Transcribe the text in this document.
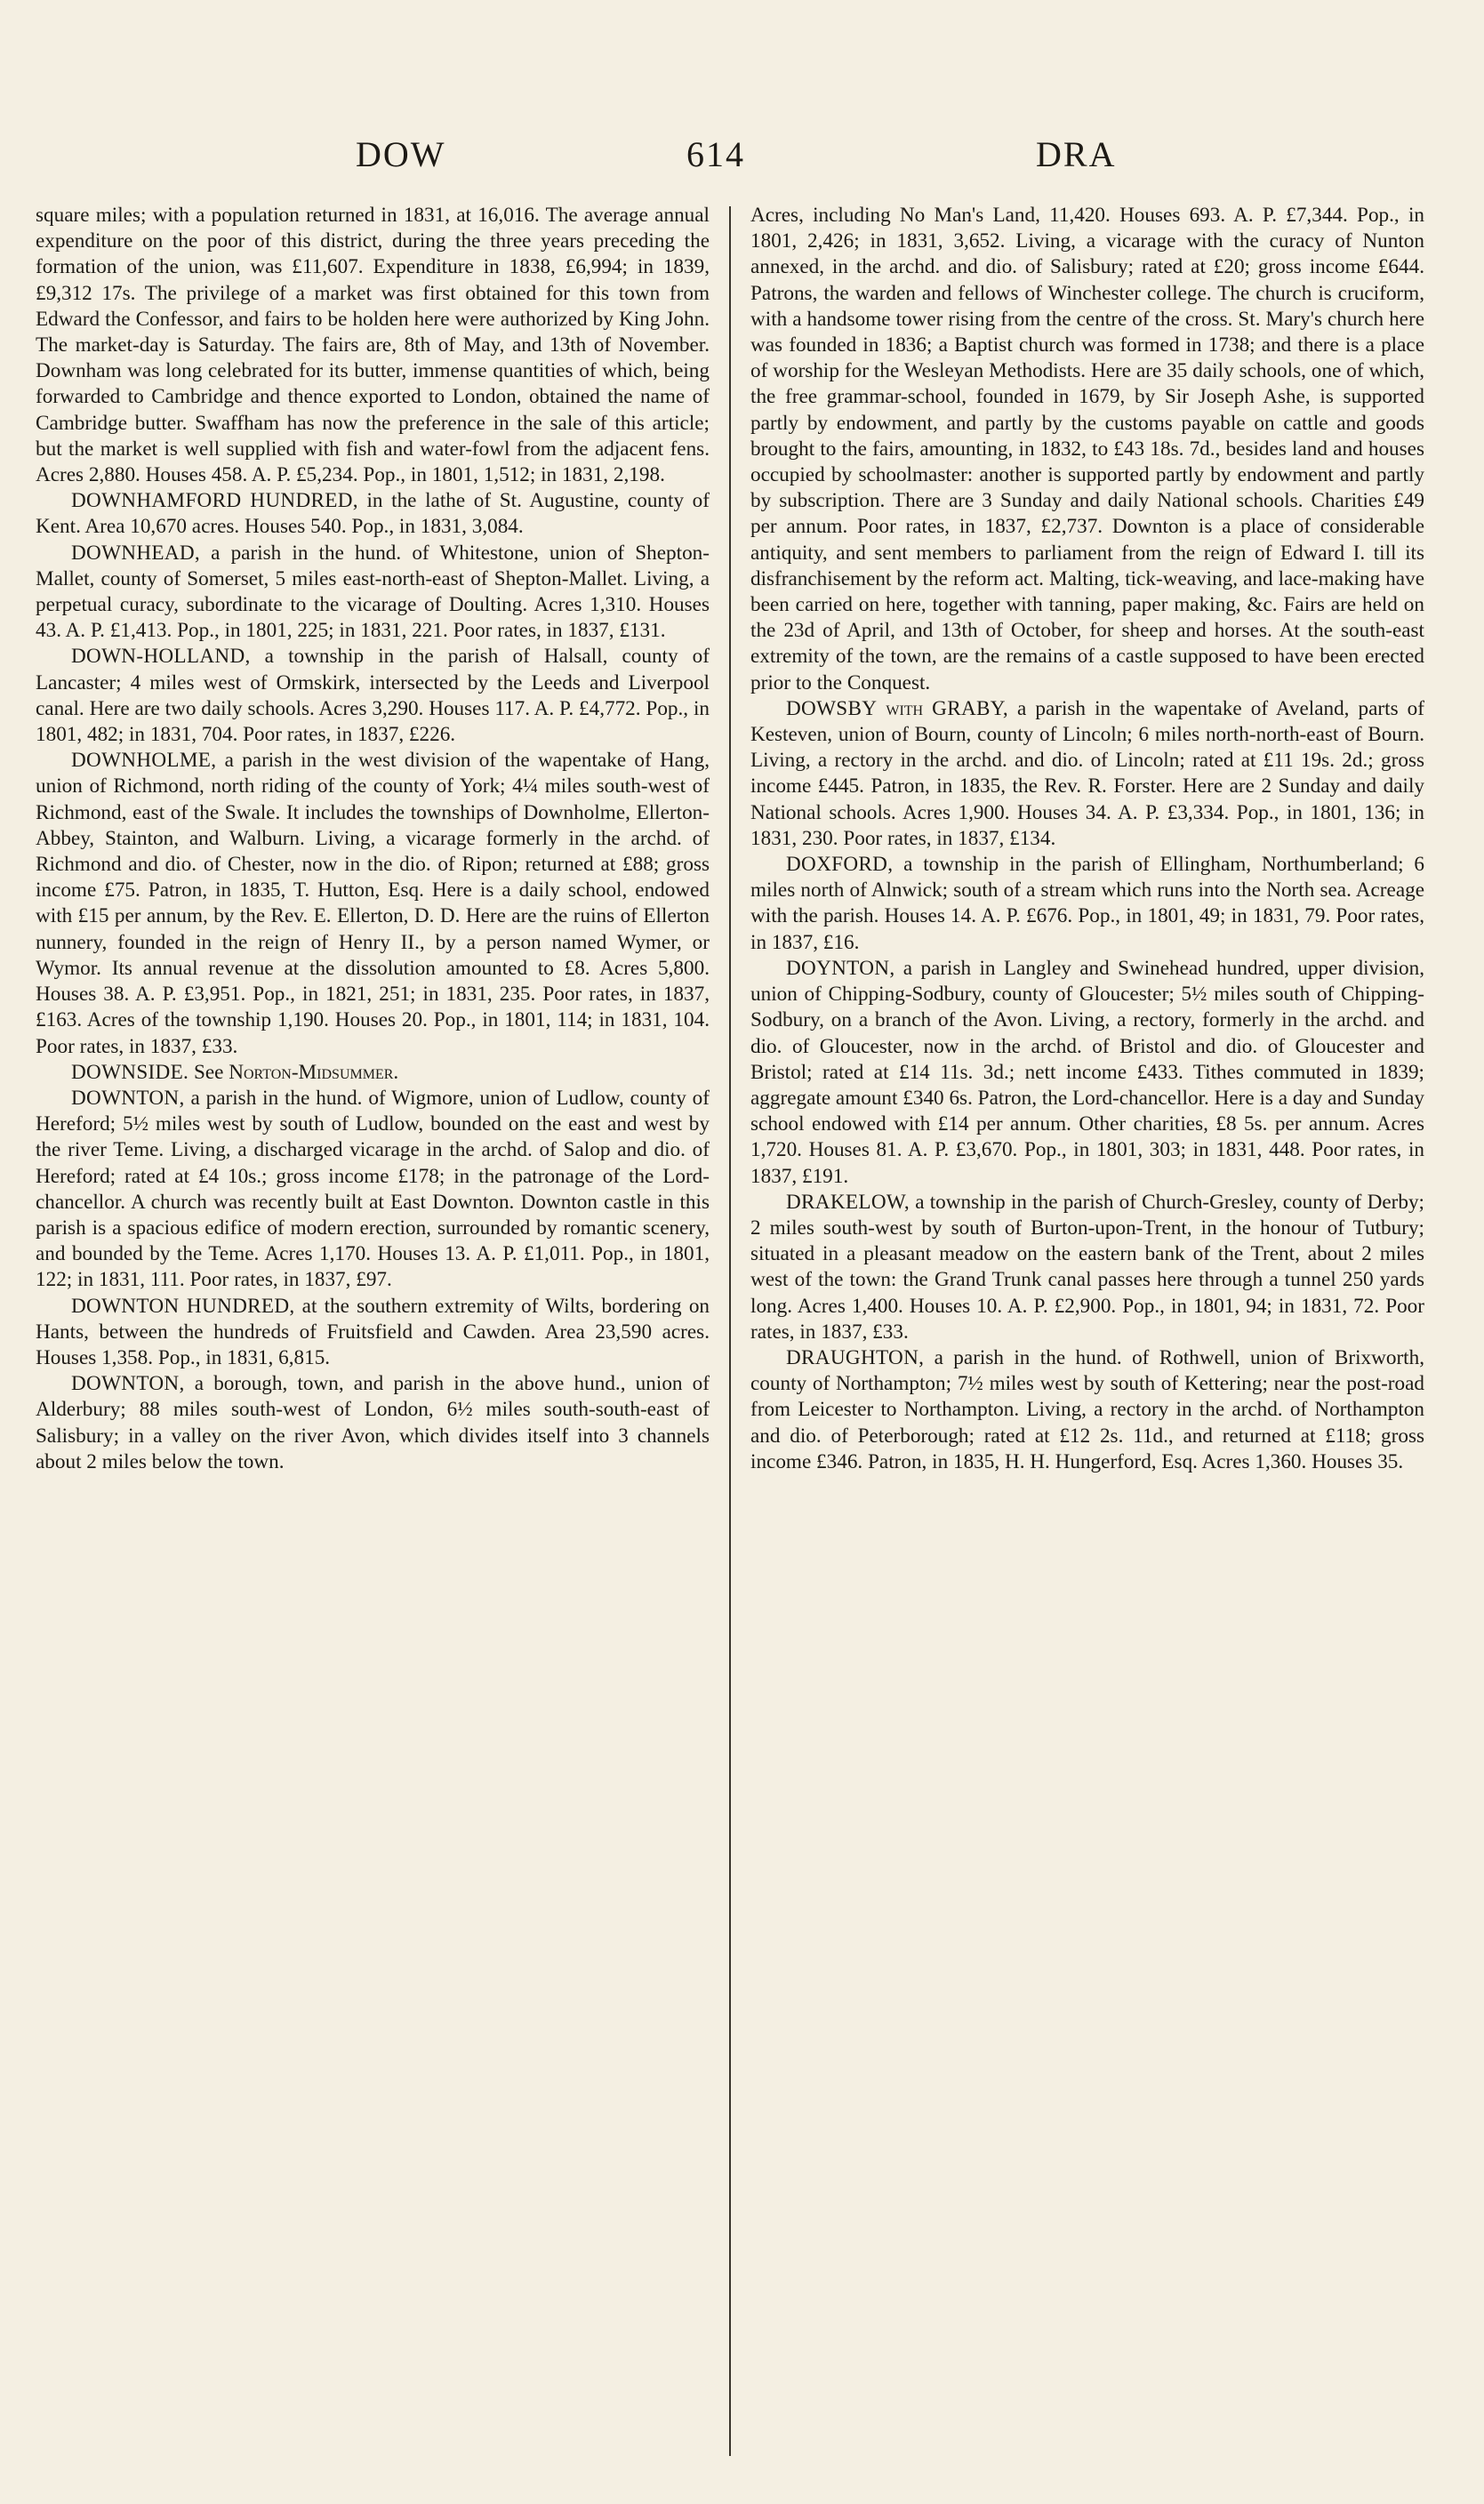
DOW	614	DRA

square miles; with a population returned in 1831, at 16,016. The average annual expenditure on the poor of this district, during the three years preceding the formation of the union, was £11,607. Expenditure in 1838, £6,994; in 1839, £9,312 17s. The privilege of a market was first obtained for this town from Edward the Confessor, and fairs to be holden here were authorized by King John. The market-day is Saturday. The fairs are, 8th of May, and 13th of November. Downham was long celebrated for its butter, immense quantities of which, being forwarded to Cambridge and thence exported to London, obtained the name of Cambridge butter. Swaffham has now the preference in the sale of this article; but the market is well supplied with fish and water-fowl from the adjacent fens. Acres 2,880. Houses 458. A. P. £5,234. Pop., in 1801, 1,512; in 1831, 2,198.

DOWNHAMFORD HUNDRED, in the lathe of St. Augustine, county of Kent. Area 10,670 acres. Houses 540. Pop., in 1831, 3,084.

DOWNHEAD, a parish in the hund. of Whitestone, union of Shepton-Mallet, county of Somerset, 5 miles east-north-east of Shepton-Mallet. Living, a perpetual curacy, subordinate to the vicarage of Doulting. Acres 1,310. Houses 43. A. P. £1,413. Pop., in 1801, 225; in 1831, 221. Poor rates, in 1837, £131.

DOWN-HOLLAND, a township in the parish of Halsall, county of Lancaster; 4 miles west of Ormskirk, intersected by the Leeds and Liverpool canal. Here are two daily schools. Acres 3,290. Houses 117. A. P. £4,772. Pop., in 1801, 482; in 1831, 704. Poor rates, in 1837, £226.

DOWNHOLME, a parish in the west division of the wapentake of Hang, union of Richmond, north riding of the county of York; 4¼ miles south-west of Richmond, east of the Swale. It includes the townships of Downholme, Ellerton-Abbey, Stainton, and Walburn. Living, a vicarage formerly in the archd. of Richmond and dio. of Chester, now in the dio. of Ripon; returned at £88; gross income £75. Patron, in 1835, T. Hutton, Esq. Here is a daily school, endowed with £15 per annum, by the Rev. E. Ellerton, D. D. Here are the ruins of Ellerton nunnery, founded in the reign of Henry II., by a person named Wymer, or Wymor. Its annual revenue at the dissolution amounted to £8. Acres 5,800. Houses 38. A. P. £3,951. Pop., in 1821, 251; in 1831, 235. Poor rates, in 1837, £163. Acres of the township 1,190. Houses 20. Pop., in 1801, 114; in 1831, 104. Poor rates, in 1837, £33.

DOWNSIDE. See Norton-Midsummer.

DOWNTON, a parish in the hund. of Wigmore, union of Ludlow, county of Hereford; 5½ miles west by south of Ludlow, bounded on the east and west by the river Teme. Living, a discharged vicarage in the archd. of Salop and dio. of Hereford; rated at £4 10s.; gross income £178; in the patronage of the Lord-chancellor. A church was recently built at East Downton. Downton castle in this parish is a spacious edifice of modern erection, surrounded by romantic scenery, and bounded by the Teme. Acres 1,170. Houses 13. A. P. £1,011. Pop., in 1801, 122; in 1831, 111. Poor rates, in 1837, £97.

DOWNTON HUNDRED, at the southern extremity of Wilts, bordering on Hants, between the hundreds of Fruitsfield and Cawden. Area 23,590 acres. Houses 1,358. Pop., in 1831, 6,815.

DOWNTON, a borough, town, and parish in the above hund., union of Alderbury; 88 miles south-west of London, 6½ miles south-south-east of Salisbury; in a valley on the river Avon, which divides itself into 3 channels about 2 miles below the town.

Acres, including No Man's Land, 11,420. Houses 693. A. P. £7,344. Pop., in 1801, 2,426; in 1831, 3,652. Living, a vicarage with the curacy of Nunton annexed, in the archd. and dio. of Salisbury; rated at £20; gross income £644. Patrons, the warden and fellows of Winchester college. The church is cruciform, with a handsome tower rising from the centre of the cross. St. Mary's church here was founded in 1836; a Baptist church was formed in 1738; and there is a place of worship for the Wesleyan Methodists. Here are 35 daily schools, one of which, the free grammar-school, founded in 1679, by Sir Joseph Ashe, is supported partly by endowment, and partly by the customs payable on cattle and goods brought to the fairs, amounting, in 1832, to £43 18s. 7d., besides land and houses occupied by schoolmaster: another is supported partly by endowment and partly by subscription. There are 3 Sunday and daily National schools. Charities £49 per annum. Poor rates, in 1837, £2,737. Downton is a place of considerable antiquity, and sent members to parliament from the reign of Edward I. till its disfranchisement by the reform act. Malting, tick-weaving, and lace-making have been carried on here, together with tanning, paper making, &c. Fairs are held on the 23d of April, and 13th of October, for sheep and horses. At the south-east extremity of the town, are the remains of a castle supposed to have been erected prior to the Conquest.

DOWSBY with GRABY, a parish in the wapentake of Aveland, parts of Kesteven, union of Bourn, county of Lincoln; 6 miles north-north-east of Bourn. Living, a rectory in the archd. and dio. of Lincoln; rated at £11 19s. 2d.; gross income £445. Patron, in 1835, the Rev. R. Forster. Here are 2 Sunday and daily National schools. Acres 1,900. Houses 34. A. P. £3,334. Pop., in 1801, 136; in 1831, 230. Poor rates, in 1837, £134.

DOXFORD, a township in the parish of Ellingham, Northumberland; 6 miles north of Alnwick; south of a stream which runs into the North sea. Acreage with the parish. Houses 14. A. P. £676. Pop., in 1801, 49; in 1831, 79. Poor rates, in 1837, £16.

DOYNTON, a parish in Langley and Swinehead hundred, upper division, union of Chipping-Sodbury, county of Gloucester; 5½ miles south of Chipping-Sodbury, on a branch of the Avon. Living, a rectory, formerly in the archd. and dio. of Gloucester, now in the archd. of Bristol and dio. of Gloucester and Bristol; rated at £14 11s. 3d.; nett income £433. Tithes commuted in 1839; aggregate amount £340 6s. Patron, the Lord-chancellor. Here is a day and Sunday school endowed with £14 per annum. Other charities, £8 5s. per annum. Acres 1,720. Houses 81. A. P. £3,670. Pop., in 1801, 303; in 1831, 448. Poor rates, in 1837, £191.

DRAKELOW, a township in the parish of Church-Gresley, county of Derby; 2 miles south-west by south of Burton-upon-Trent, in the honour of Tutbury; situated in a pleasant meadow on the eastern bank of the Trent, about 2 miles west of the town: the Grand Trunk canal passes here through a tunnel 250 yards long. Acres 1,400. Houses 10. A. P. £2,900. Pop., in 1801, 94; in 1831, 72. Poor rates, in 1837, £33.

DRAUGHTON, a parish in the hund. of Rothwell, union of Brixworth, county of Northampton; 7½ miles west by south of Kettering; near the post-road from Leicester to Northampton. Living, a rectory in the archd. of Northampton and dio. of Peterborough; rated at £12 2s. 11d., and returned at £118; gross income £346. Patron, in 1835, H. H. Hungerford, Esq. Acres 1,360. Houses 35.
